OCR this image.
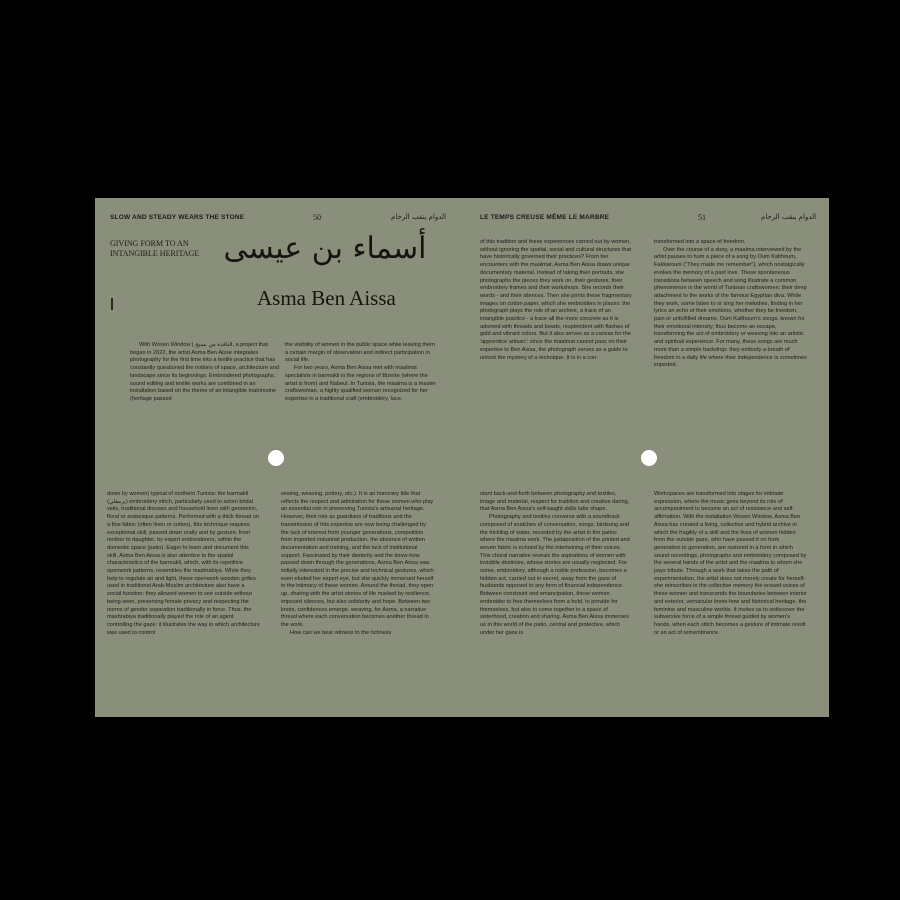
SLOW AND STEADY WEARS THE STONE	50	الدوام ينقب الرخام	LE TEMPS CREUSE MÊME LE MARBRE	51	الدوام ينقب الرخام
GIVING FORM TO AN
INTANGIBLE HERITAGE أسماء بن عيسى
Asma Ben Aissa

With Woven Window | النافذة من نسيج, a project that began in 2022, the artist Asma Ben Aisse integrates photography for the first time into a textile practice that has constantly questioned the notions of space, architecture and landscape since its beginnings. Embroidered photographs, sound editing and textile works are combined in an installation based on the theme of an intangible matrimoine (heritage passed

the visibility of women in the public space while leaving them a certain margin of observation and indirect participation in social life.

For two years, Asma Ben Aissa met with maalmat specialists in barmakli in the regions of Bizerte (where the artist is from) and Nabeul. In Tunisia, the maalma is a master craftswoman, a highly qualified woman recognized for her expertise in a traditional craft (embroidery, lace,

of this tradition and these experiences carried out by women, without ignoring the spatial, social and cultural structures that have historically governed their practices? From her encounters with the maalmat, Asma Ben Aissa draws unique documentary material. Instead of taking their portraits, she photographs the pieces they work on, their gestures, their embroidery frames and their workshops. She records their words - and their silences. Then she prints these fragmentary images on cotton paper, which she embroiders in places: the photograph plays the role of an archive, a trace of an intangible practice - a trace all the more concrete as it is adorned with threads and beads, resplendent with flashes of gold and vibrant colors. But it also serves as a canvas for the 'apprentice artisan': since the maalmat cannot pass on their expertise to Ben Aissa, the photograph serves as a guide to unlock the mystery of a technique. It is in a con-

transformed into a space of freedom.

Over the course of a story, a maalma interviewed by the artist pauses to hum a piece of a song by Oum Kalthoum, Fakkarouni ("They made me remember"), which nostalgically evokes the memory of a past love. These spontaneous transitions between speech and song illustrate a common phenomenon in the world of Tunisian craftswomen: their deep attachment to the works of the famous Egyptian diva. While they work, some listen to or sing her melodies, finding in her lyrics an echo of their emotions, whether they be freedom, pain or unfulfilled dreams. Oum Kalthoum's songs, known for their emotional intensity, thus become an escape, transforming the act of embroidery or weaving into an artistic and spiritual experience. For many, these songs are much more than a simple backdrop: they embody a breath of freedom in a daily life where their independence is sometimes impeded.

down by women) typical of northern Tunisia: the barmakli (برمقلي) embroidery stitch, particularly used to adorn bridal veils, traditional dresses and household linen with geometric, floral or arabesque patterns. Performed with a thick thread on a fine fabric (often linen or cotton), this technique requires exceptional skill, passed down orally and by gesture, from mother to daughter, by expert embroiderers, within the domestic space (patio). Eager to learn and document this skill, Asma Ben Aissa is also attentive to the spatial characteristics of the barmakli, which, with its repetitive openwork patterns, resembles the mashrabiya. While they help to regulate air and light, these openwork wooden grilles used in traditional Arab-Muslim architecture also have a social function: they allowed women to see outside without being seen, preserving female privacy and respecting the norms of gender separation traditionally in force. Thus, the mashrabiya traditionally played the role of an agent controlling the gaze: it illustrates the way in which architecture was used to control

sewing, weaving, pottery, etc.). It is an honorary title that reflects the respect and admiration for these women who play an essential role in preserving Tunisia's artisanal heritage. However, their role as guardians of traditions and the transmission of this expertise are now being challenged by the lack of interest from younger generations, competition from imported industrial production, the absence of written documentation and training, and the lack of institutional support. Fascinated by their dexterity and the know-how passed down through the generations, Asma Ben Aissa was initially interested in the precise and technical gestures, which even eluded her expert eye, but she quickly immersed herself in the intimacy of these women. Around the thread, they open up, sharing with the artist stories of life marked by resilience, imposed silences, but also solidarity and hope. Between two knots, confidences emerge, weaving, for Asma, a narrative thread where each conversation becomes another thread in the work.

How can we bear witness to the richness

stant back-and-forth between photography and textiles, image and material, respect for tradition and creative daring, that Asma Ben Aissa's self-taught skills take shape.

Photography and textiles converse with a soundtrack composed of snatches of conversation, songs, birdsong and the trickling of water, recorded by the artist in the patios where the maalma work. The juxtaposition of the printed and woven fabric is echoed by the intertwining of their voices. This choral narrative reveals the aspirations of women with invisible destinies, whose stories are usually neglected. For some, embroidery, although a noble profession, becomes a hidden act, carried out in secret, away from the gaze of husbands opposed to any form of financial independence. Between constraint and emancipation, these women embroider to free themselves from a hold, to provide for themselves, but also to come together in a space of sisterhood, creation and sharing. Asma Ben Aissa immerses us in this world of the patio, central and protective, which under her gaze is

Workspaces are transformed into stages for intimate expression, where the music goes beyond its role of accompaniment to become an act of resistance and self-affirmation. With the installation Woven Window, Asma Ben Aissa has created a living, collective and hybrid archive in which the fragility of a skill and the lives of women hidden from the outside gaze, who have passed it on from generation to generation, are restored in a form in which sound recordings, photographs and embroidery composed by the several hands of the artist and the maalma to whom she pays tribute. Through a work that takes the path of experimentation, the artist does not merely create for herself: she reinscribes in the collective memory the erased voices of these women and transcends the boundaries between interior and exterior, vernacular know-how and historical heritage, the feminine and masculine worlds. It invites us to rediscover the subversive force of a simple thread guided by women's hands, when each stitch becomes a gesture of intimate revolt or an act of remembrance.
